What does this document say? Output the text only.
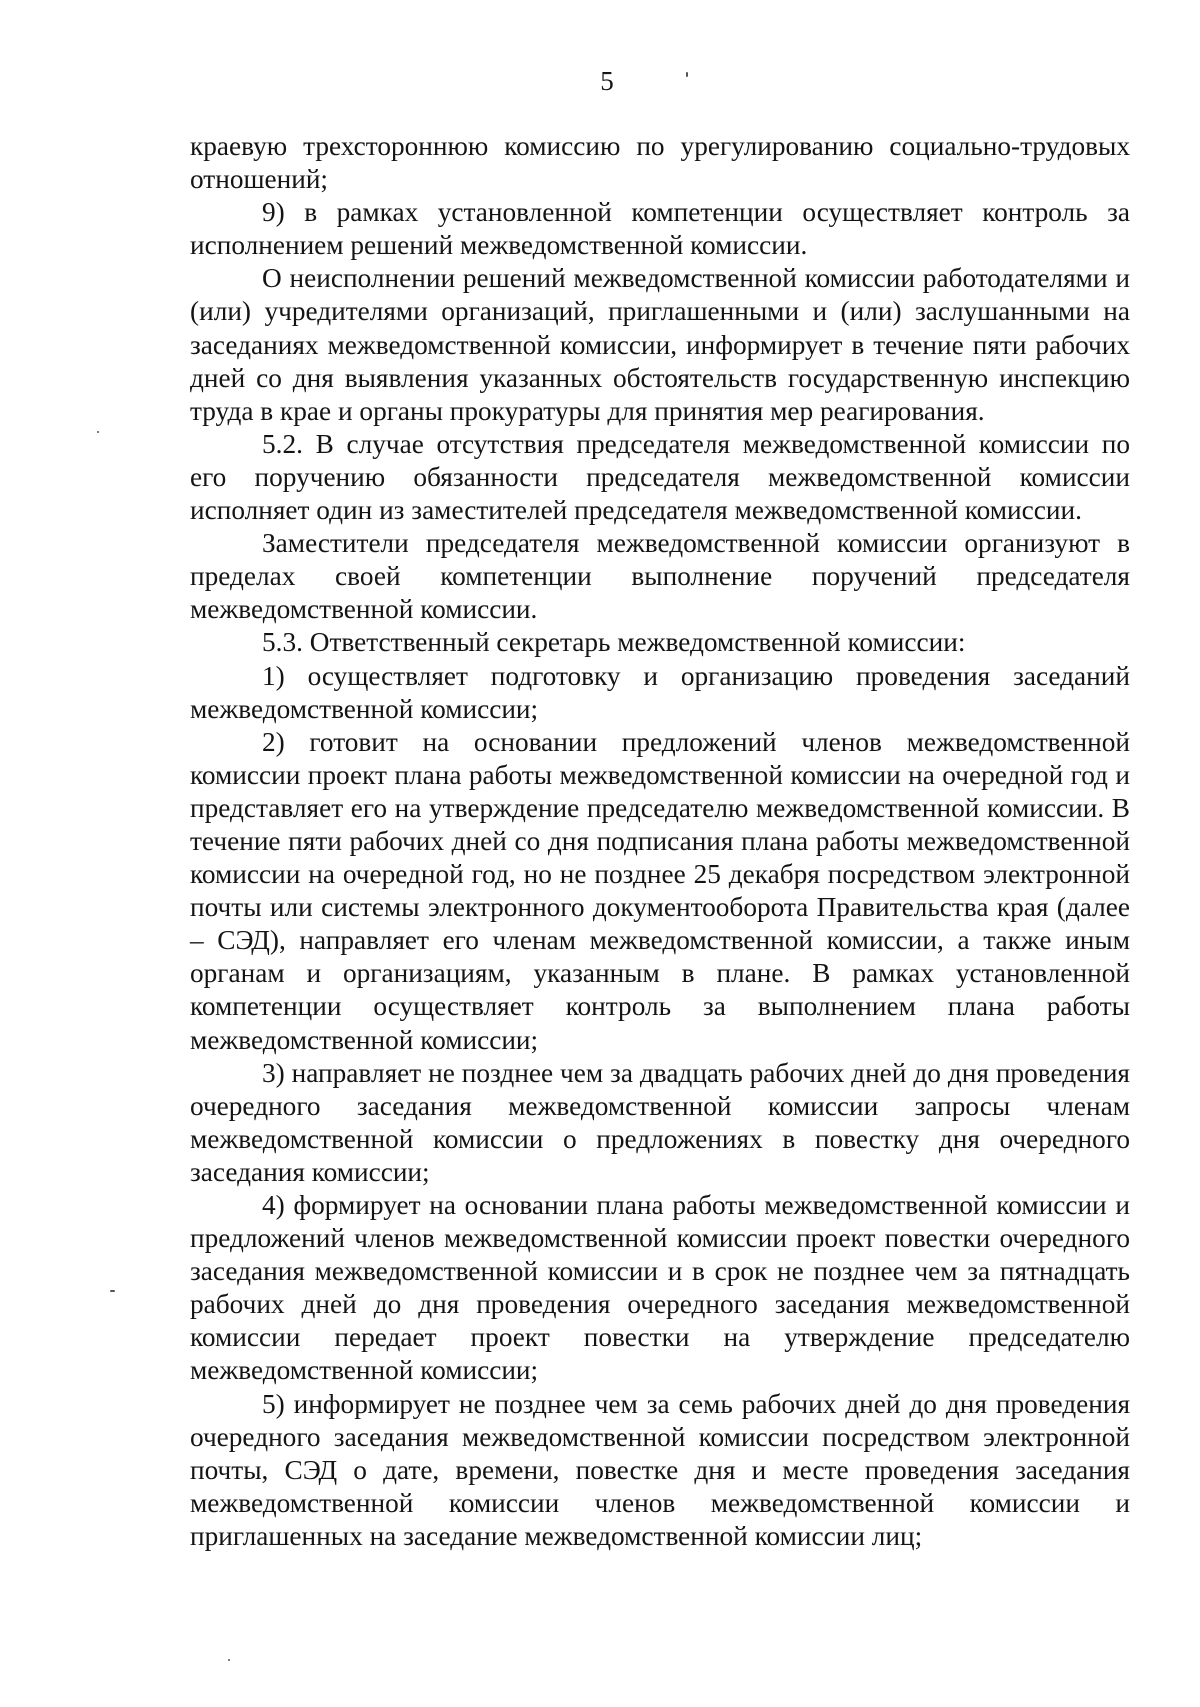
5

краевую трехстороннюю комиссию по урегулированию социально-трудовых отношений;

9) в рамках установленной компетенции осуществляет контроль за исполнением решений межведомственной комиссии.

О неисполнении решений межведомственной комиссии работодателями и (или) учредителями организаций, приглашенными и (или) заслушанными на заседаниях межведомственной комиссии, информирует в течение пяти рабочих дней со дня выявления указанных обстоятельств государственную инспекцию труда в крае и органы прокуратуры для принятия мер реагирования.

5.2. В случае отсутствия председателя межведомственной комиссии по его поручению обязанности председателя межведомственной комиссии исполняет один из заместителей председателя межведомственной комиссии.

Заместители председателя межведомственной комиссии организуют в пределах своей компетенции выполнение поручений председателя межведомственной комиссии.

5.3. Ответственный секретарь межведомственной комиссии:

1) осуществляет подготовку и организацию проведения заседаний межведомственной комиссии;

2) готовит на основании предложений членов межведомственной комиссии проект плана работы межведомственной комиссии на очередной год и представляет его на утверждение председателю межведомственной комиссии. В течение пяти рабочих дней со дня подписания плана работы межведомственной комиссии на очередной год, но не позднее 25 декабря посредством электронной почты или системы электронного документооборота Правительства края (далее – СЭД), направляет его членам межведомственной комиссии, а также иным органам и организациям, указанным в плане. В рамках установленной компетенции осуществляет контроль за выполнением плана работы межведомственной комиссии;

3) направляет не позднее чем за двадцать рабочих дней до дня проведения очередного заседания межведомственной комиссии запросы членам межведомственной комиссии о предложениях в повестку дня очередного заседания комиссии;

4) формирует на основании плана работы межведомственной комиссии и предложений членов межведомственной комиссии проект повестки очередного заседания межведомственной комиссии и в срок не позднее чем за пятнадцать рабочих дней до дня проведения очередного заседания межведомственной комиссии передает проект повестки на утверждение председателю межведомственной комиссии;

5) информирует не позднее чем за семь рабочих дней до дня проведения очередного заседания межведомственной комиссии посредством электронной почты, СЭД о дате, времени, повестке дня и месте проведения заседания межведомственной комиссии членов межведомственной комиссии и приглашенных на заседание межведомственной комиссии лиц;
